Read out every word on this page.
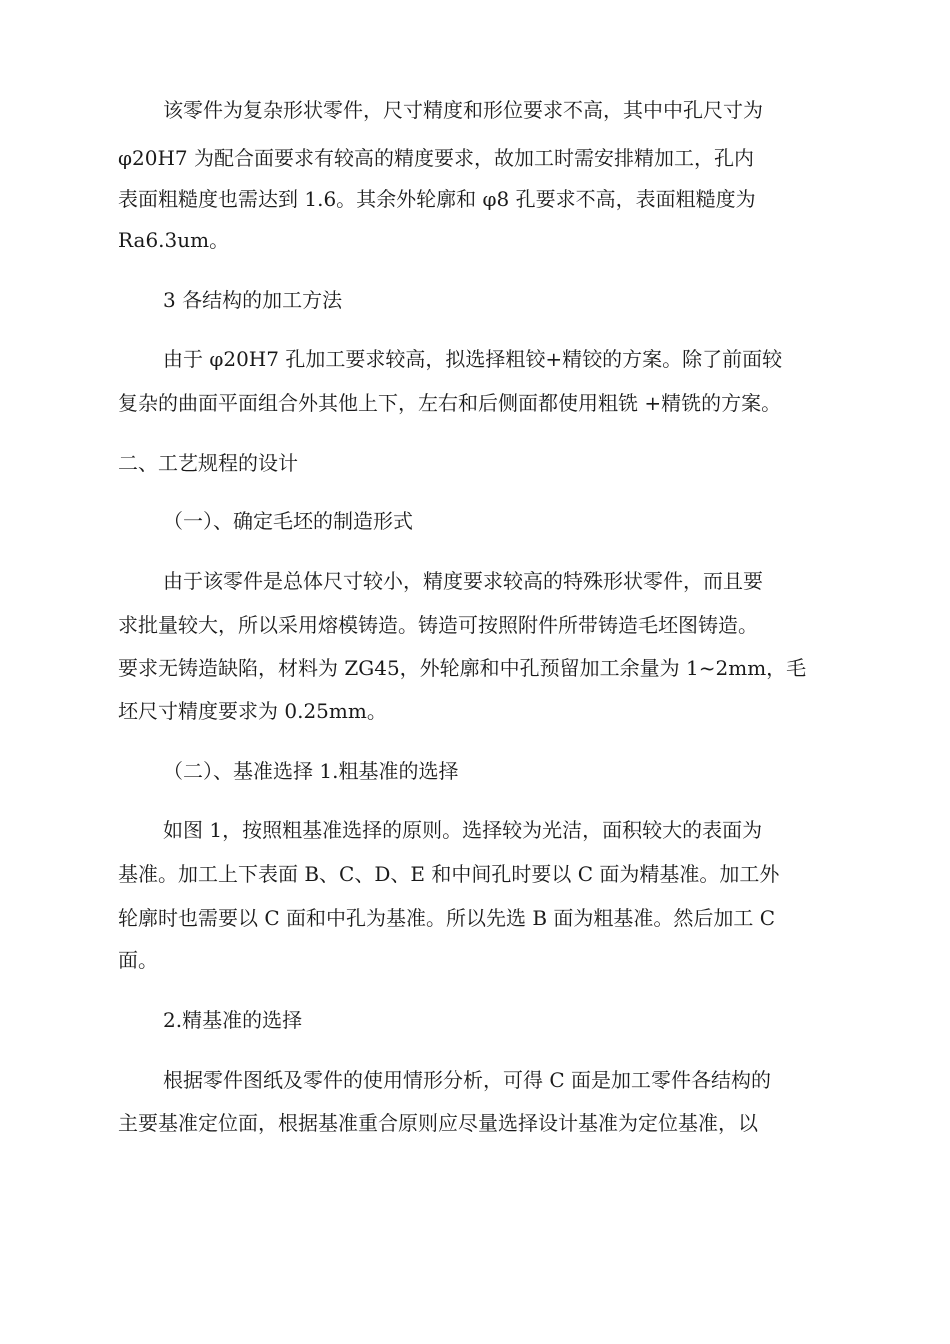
该零件为复杂形状零件，尺寸精度和形位要求不高，其中中孔尺寸为

φ20H7 为配合面要求有较高的精度要求，故加工时需安排精加工，孔内

表面粗糙度也需达到 1.6。其余外轮廓和 φ8 孔要求不高，表面粗糙度为

Ra6.3um。

3 各结构的加工方法

由于 φ20H7 孔加工要求较高，拟选择粗铰+精铰的方案。除了前面较

复杂的曲面平面组合外其他上下，左右和后侧面都使用粗铣 +精铣的方案。

二、工艺规程的设计

（一）、确定毛坯的制造形式

由于该零件是总体尺寸较小，精度要求较高的特殊形状零件，而且要

求批量较大，所以采用熔模铸造。铸造可按照附件所带铸造毛坯图铸造。

要求无铸造缺陷，材料为 ZG45，外轮廓和中孔预留加工余量为 1~2mm，毛

坯尺寸精度要求为 0.25mm。

（二）、基准选择 1.粗基准的选择

如图 1，按照粗基准选择的原则。选择较为光洁，面积较大的表面为

基准。加工上下表面 B、C、D、E 和中间孔时要以 C 面为精基准。加工外

轮廓时也需要以 C 面和中孔为基准。所以先选 B 面为粗基准。然后加工 C

面。

2.精基准的选择

根据零件图纸及零件的使用情形分析，可得 C 面是加工零件各结构的

主要基准定位面，根据基准重合原则应尽量选择设计基准为定位基准，以
